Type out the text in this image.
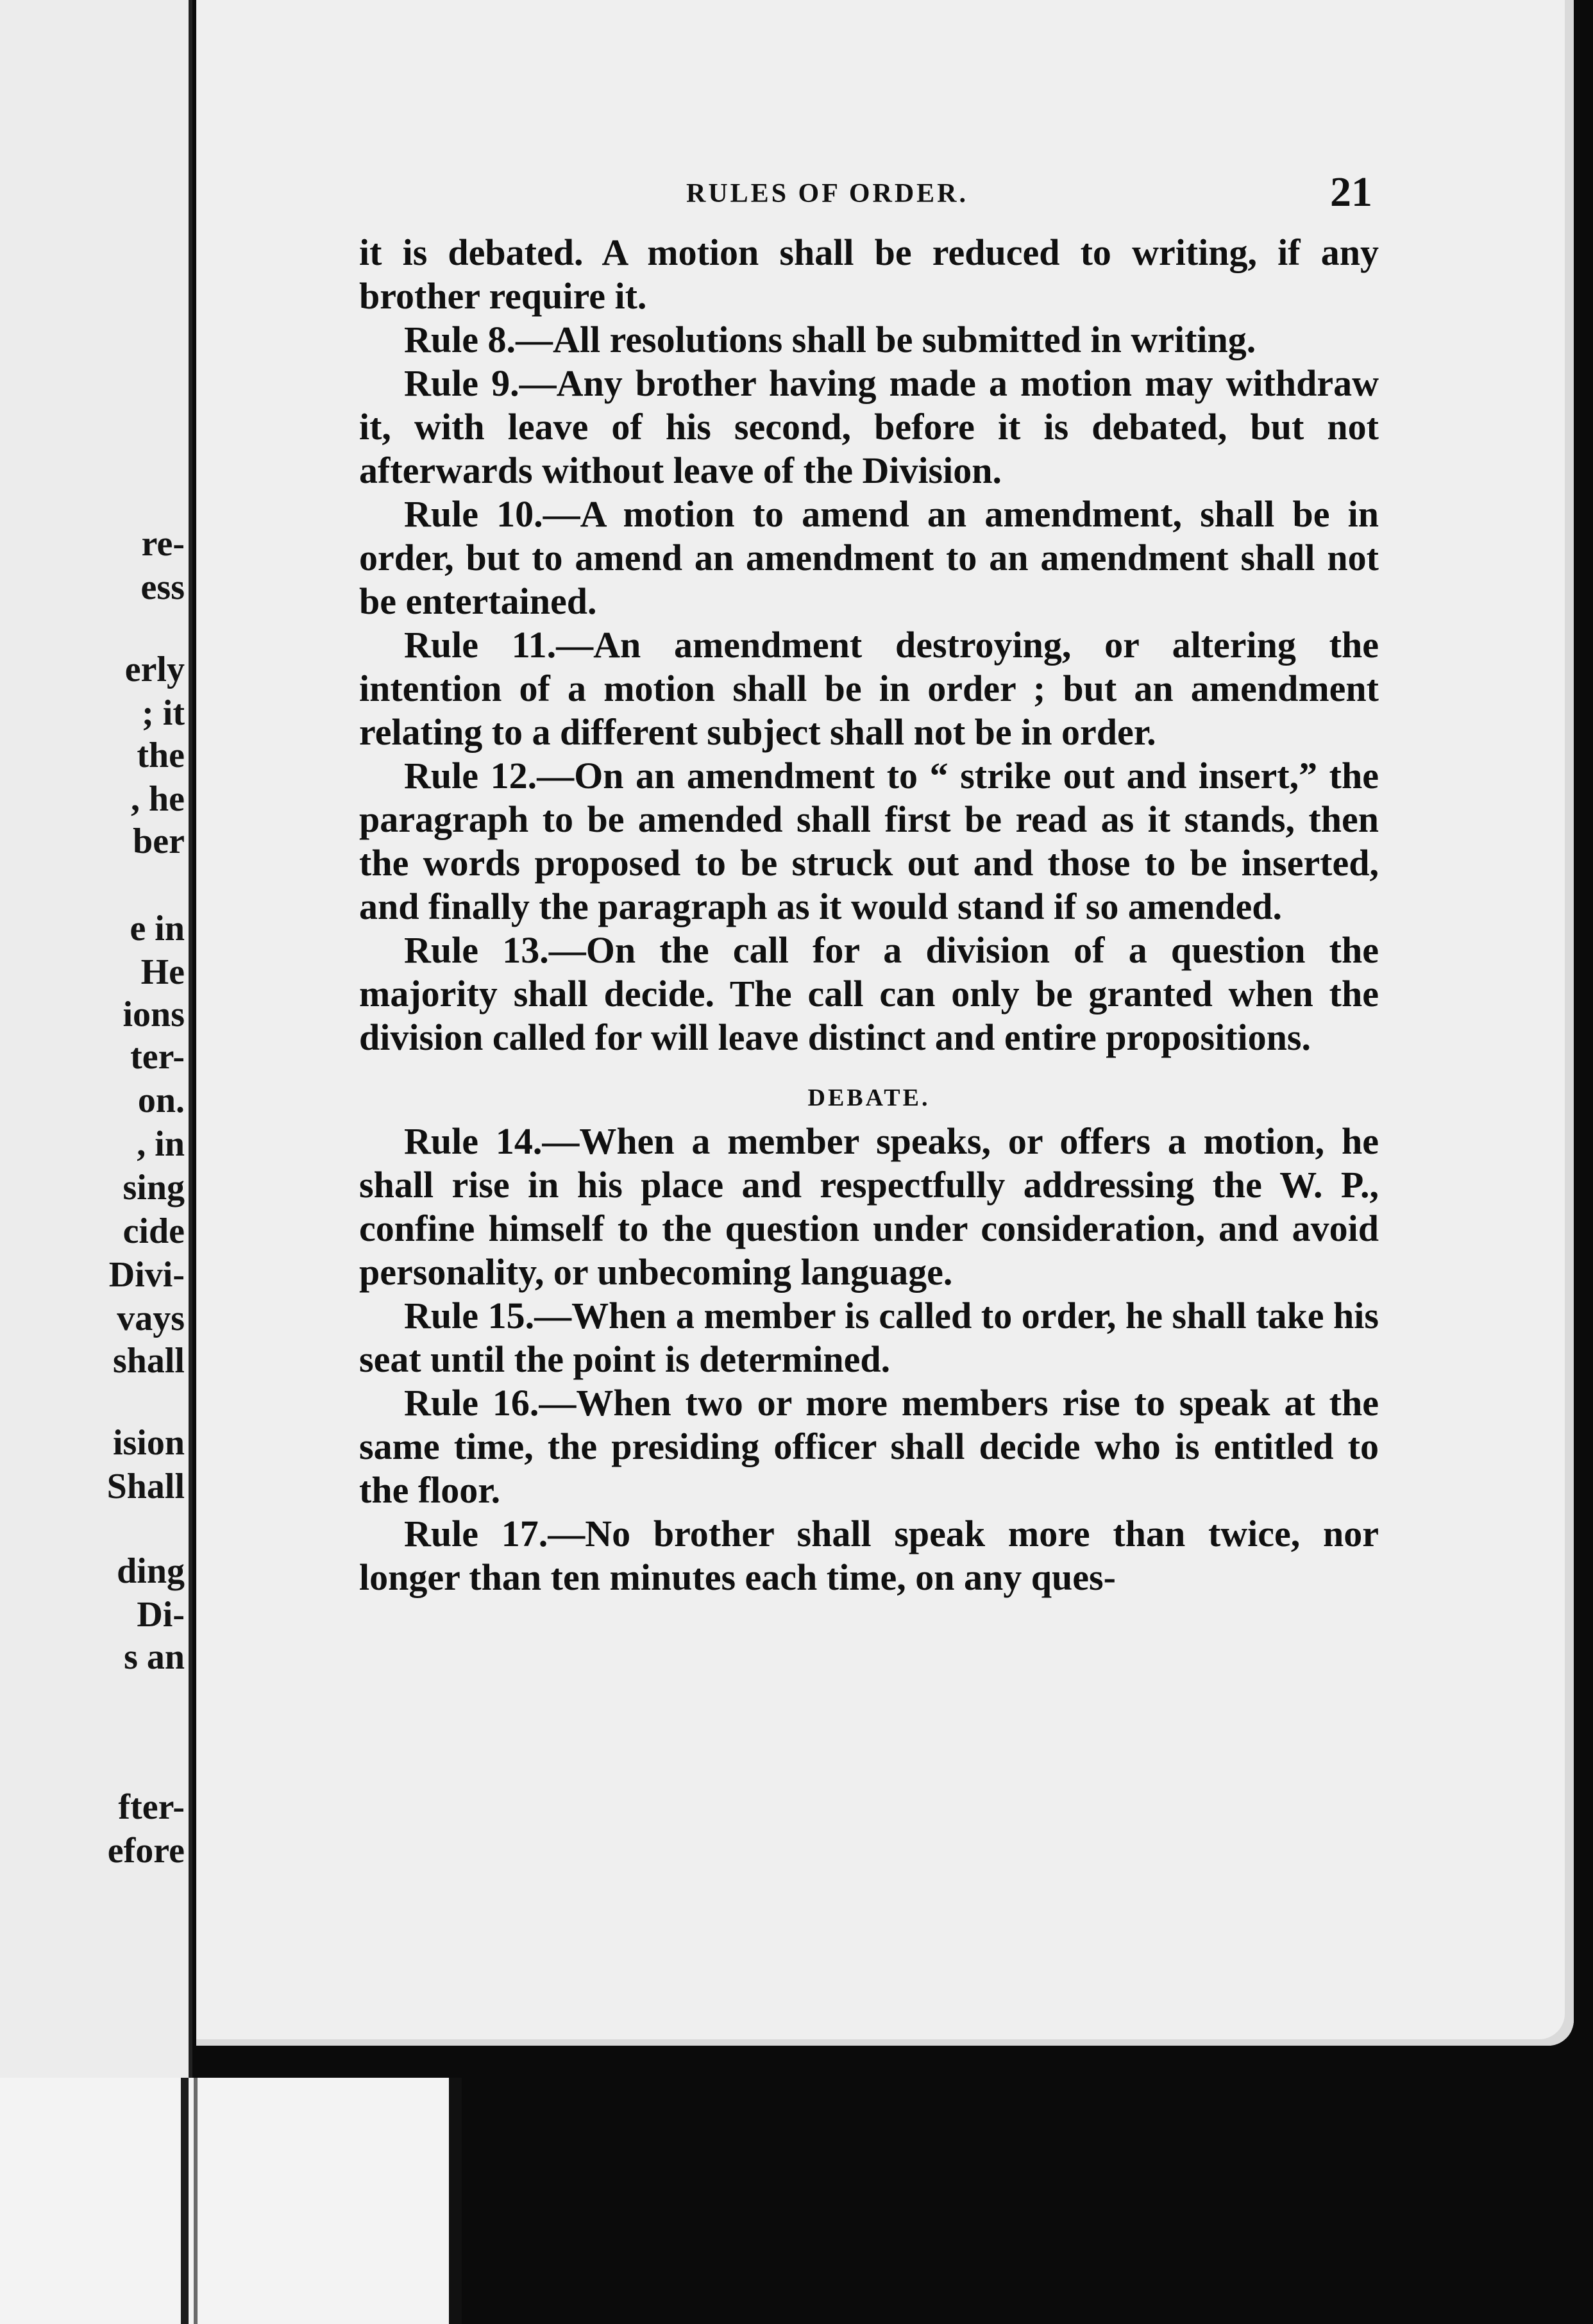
re-

ess

erly

; it

the

, he

ber

e in

He

ions

ter-

on.

, in

sing

cide

Divi-

vays

shall

ision

Shall

ding

Di-

s an

fter-

efore

RULES OF ORDER.	21

it is debated. A motion shall be reduced to writing, if any brother require it.

Rule 8.—All resolutions shall be submitted in writing.

Rule 9.—Any brother having made a motion may withdraw it, with leave of his second, before it is debated, but not afterwards without leave of the Division.

Rule 10.—A motion to amend an amendment, shall be in order, but to amend an amendment to an amendment shall not be entertained.

Rule 11.—An amendment destroying, or altering the intention of a motion shall be in order ; but an amendment relating to a different subject shall not be in order.

Rule 12.—On an amendment to “ strike out and insert,” the paragraph to be amended shall first be read as it stands, then the words proposed to be struck out and those to be inserted, and finally the paragraph as it would stand if so amended.

Rule 13.—On the call for a division of a question the majority shall decide. The call can only be granted when the division called for will leave distinct and entire propositions.

DEBATE.

Rule 14.—When a member speaks, or offers a motion, he shall rise in his place and respectfully addressing the W. P., confine himself to the question under consideration, and avoid personality, or unbecoming language.

Rule 15.—When a member is called to order, he shall take his seat until the point is determined.

Rule 16.—When two or more members rise to speak at the same time, the presiding officer shall decide who is entitled to the floor.

Rule 17.—No brother shall speak more than twice, nor longer than ten minutes each time, on any ques-
